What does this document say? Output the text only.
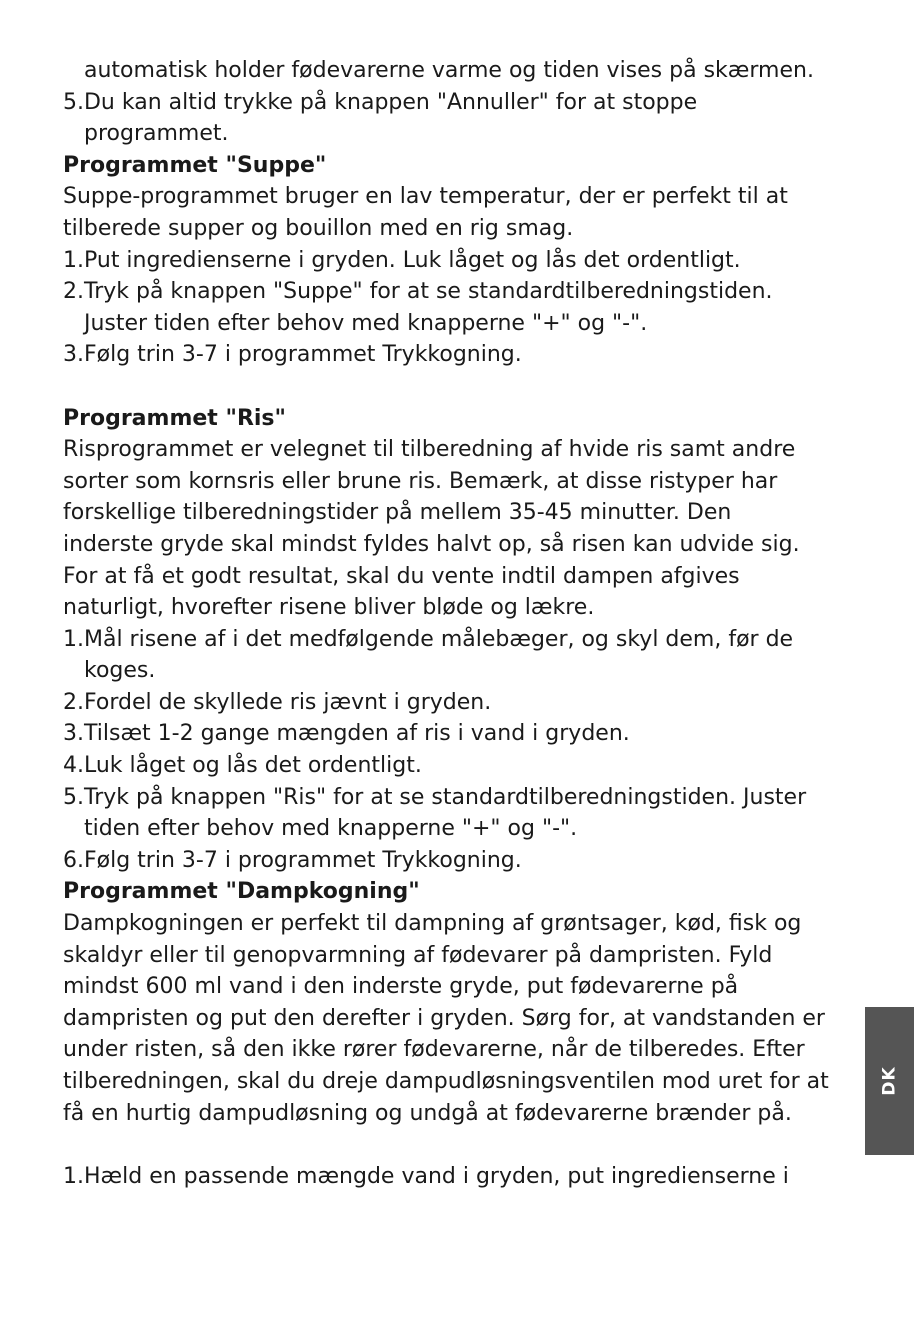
automatisk holder fødevarerne varme og tiden vises på skærmen.

5.Du kan altid trykke på knappen "Annuller" for at stoppe

programmet.

Programmet "Suppe"

Suppe-programmet bruger en lav temperatur, der er perfekt til at

tilberede supper og bouillon med en rig smag.

1.Put ingredienserne i gryden. Luk låget og lås det ordentligt.

2.Tryk på knappen "Suppe" for at se standardtilberedningstiden.

Juster tiden efter behov med knapperne "+" og "-".

3.Følg trin 3-7 i programmet Trykkogning.

Programmet "Ris"

Risprogrammet er velegnet til tilberedning af hvide ris samt andre

sorter som kornsris eller brune ris. Bemærk, at disse ristyper har

forskellige tilberedningstider på mellem 35-45 minutter. Den

inderste gryde skal mindst fyldes halvt op, så risen kan udvide sig.

For at få et godt resultat, skal du vente indtil dampen afgives

naturligt, hvorefter risene bliver bløde og lækre.

1.Mål risene af i det medfølgende målebæger, og skyl dem, før de

koges.

2.Fordel de skyllede ris jævnt i gryden.

3.Tilsæt 1-2 gange mængden af ris i vand i gryden.

4.Luk låget og lås det ordentligt.

5.Tryk på knappen "Ris" for at se standardtilberedningstiden. Juster

tiden efter behov med knapperne "+" og "-".

6.Følg trin 3-7 i programmet Trykkogning.

Programmet "Dampkogning"

Dampkogningen er perfekt til dampning af grøntsager, kød, fisk og

skaldyr eller til genopvarmning af fødevarer på dampristen. Fyld

mindst 600 ml vand i den inderste gryde, put fødevarerne på

dampristen og put den derefter i gryden. Sørg for, at vandstanden er

under risten, så den ikke rører fødevarerne, når de tilberedes. Efter

tilberedningen, skal du dreje dampudløsningsventilen mod uret for at

få en hurtig dampudløsning og undgå at fødevarerne brænder på.

1.Hæld en passende mængde vand i gryden, put ingredienserne i

DK
